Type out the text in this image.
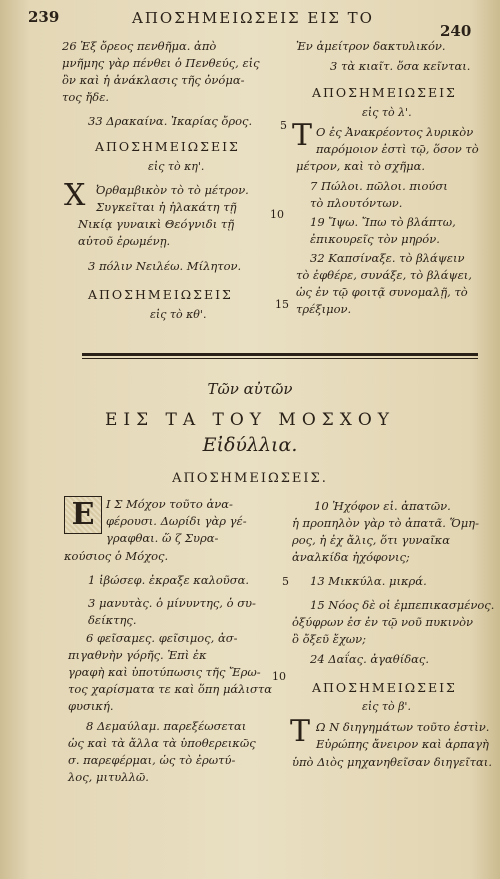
239	ΑΠΟΣΗΜΕΙΩΣΕΙΣ ΕΙΣ ΤΟ
240
26 Ἐξ ὄρεος πενθῆμα. ἀπὸ
μνῆμης γὰρ πένθει ὁ Πενθεύς, εἰς
ὃν καὶ ἡ ἀνάκλασις τῆς ὀνόμα-
τος ἤδε.
33 Δρακαίνα. Ἰκαρίας ὄρος.
ΑΠΟΣΗΜΕΙΩΣΕΙΣ
εἰς τὸ κη'.
Χ Ὀρθαμβικὸν τὸ τὸ μέτρον.
Συγκεῖται ἡ ἠλακάτη τῇ
Νικίᾳ γυναικὶ Θεόγνιδι τῇ
αὐτοῦ ἐρωμένῃ.
3 πόλιν Νειλέω. Μίλητον.
ΑΠΟΣΗΜΕΙΩΣΕΙΣ
εἰς τὸ κθ'.
5
10
15
Ἐν ἀμείτρον δακτυλικόν.
3 τὰ κιαῖτ. ὅσα κεῖνται.
ΑΠΟΣΗΜΕΙΩΣΕΙΣ
εἰς τὸ λ'.
Τ Ο ἐς Ἀνακρέοντος λυρικὸν
παρόμοιον ἐστὶ τῷ, ὅσον τὸ
μέτρον, καὶ τὸ σχῆμα.
7 Πώλοι. πῶλοι. πιούσι
τὸ πλουτόντων.
19 Ἴψω. Ἴπω τὸ βλάπτω,
ἐπικουρεῖς τὸν μηρόν.
32 Καπσίναξε. τὸ βλάψειν
τὸ ἐφθέρε, συνάξε, τὸ βλάψει,
ὡς ἐν τῷ φοιτᾷ συνομαλῇ, τὸ
τρέξιμον.
Τῶν αὐτῶν
ΕΙΣ ΤΑ ΤΟΥ ΜΟΣΧΟΥ
Εἰδύλλια.
ΑΠΟΣΗΜΕΙΩΣΕΙΣ.
Ε	Ι Σ Μόχον τοῦτο ἀνα-
φέρουσι. Δωρίδι γὰρ γέ-
γραφθαι. ὥ ζ Συρα-
κούσιος ὁ Μόχος.
1 ἰβώσεφ. ἐκραξε καλοῦσα.
3 μανυτὰς. ὁ μίνυντης, ὁ συ-
δείκτης.
6 φεῖσαμες. φεῖσιμος, ἀσ-
πιγαθνὴν γόρῆς. Ἐπὶ ἐκ
γραφὴ καὶ ὑποτύπωσις τῆς Ἔρω-
τος χαρίσματα τε καὶ ὅπη μάλιστα
φυσική.
8 Δεμαύλαμ. παρεξέωσεται
ὡς καὶ τὰ ἄλλα τὰ ὑποθερεικῶς
σ. παρεφέρμαι, ὡς τὸ ἐρωτύ-
λος, μιτυλλῶ.
5
10
10 Ἠχόφον εἰ. ἀπατῶν.
ἡ προπηλὸν γὰρ τὸ ἀπατᾶ. Ὅμη-
ρος, ἡ ἐχ ἄλις, ὅτι γυναῖκα
ἀναλκίδα ἠχόφονις;
13 Μικκύλα. μικρά.
15 Νόος δὲ οἱ ἐμπεπικασμένος.
ὀξύφρων ἐσ ἐν τῷ νοῦ πυκινὸν
ὃ ὄξεῦ ἔχων;
24 Δαΐας. ἀγαθίδας.
ΑΠΟΣΗΜΕΙΩΣΕΙΣ
εἰς τὸ β'.
Τ Ω Ν διηγημάτων τοῦτο ἐστὶν.
Εὐρώπης ἄνειρον καὶ ἁρπαγὴ
ὑπὸ Διὸς μηχανηθεῖσαν διηγεῖται.
